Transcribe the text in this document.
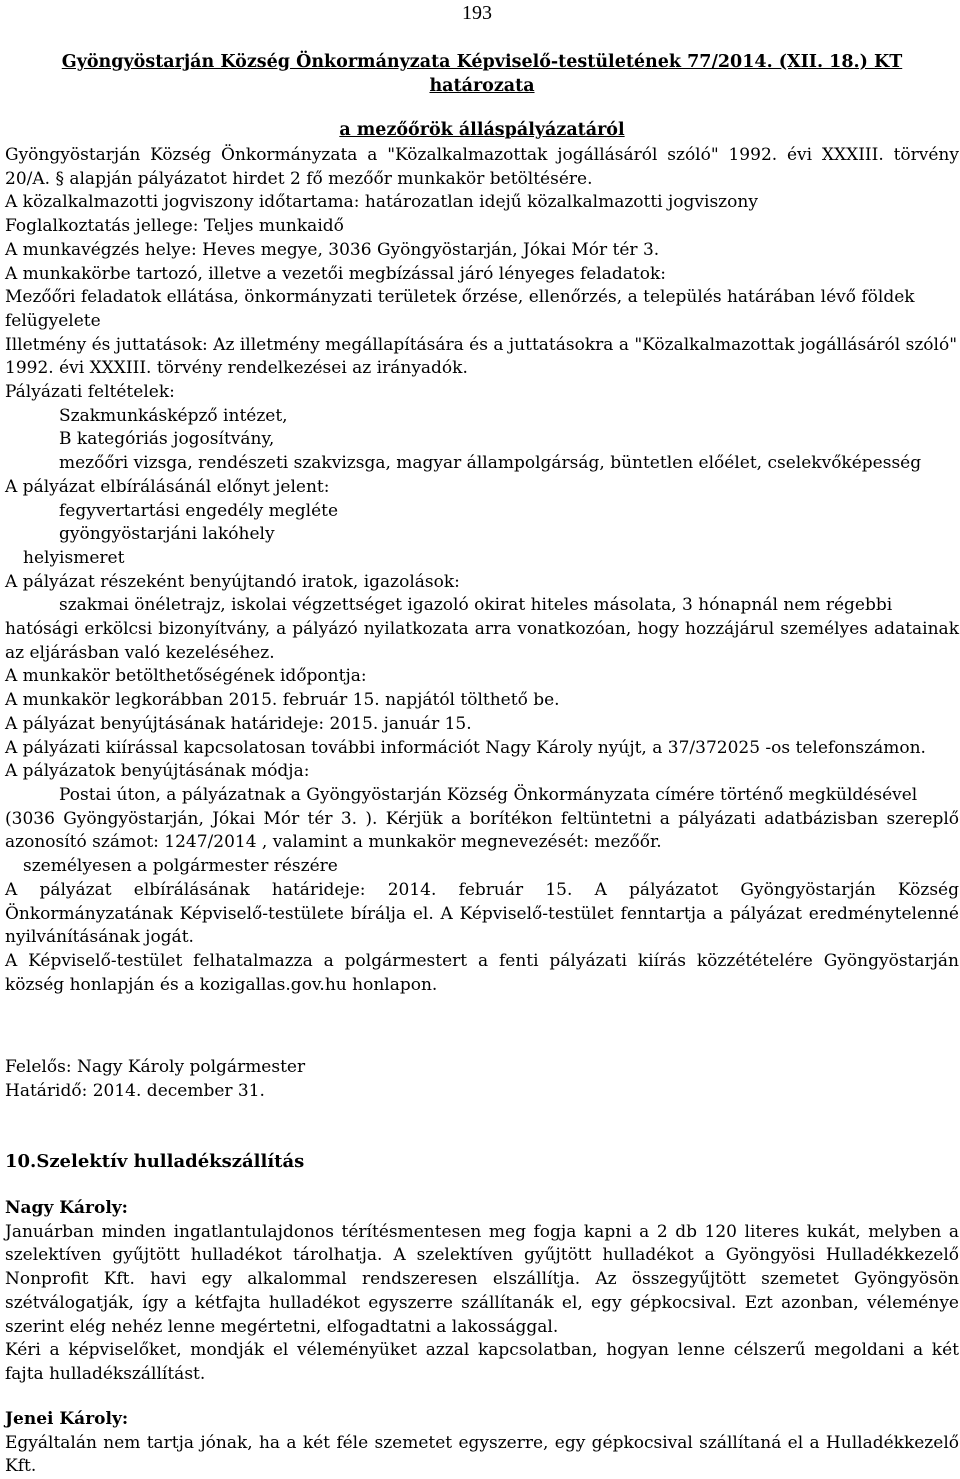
193
Gyöngyöstarján Község Önkormányzata Képviselő-testületének 77/2014. (XII. 18.) KT
határozata
a mezőőrök álláspályázatáról
Gyöngyöstarján Község Önkormányzata a "Közalkalmazottak jogállásáról szóló" 1992. évi XXXIII. törvény 20/A. § alapján pályázatot hirdet 2 fő mezőőr munkakör betöltésére.
A közalkalmazotti jogviszony időtartama: határozatlan idejű közalkalmazotti jogviszony
Foglalkoztatás jellege: Teljes munkaidő
A munkavégzés helye: Heves megye, 3036 Gyöngyöstarján, Jókai Mór tér 3.
A munkakörbe tartozó, illetve a vezetői megbízással járó lényeges feladatok:
Mezőőri feladatok ellátása, önkormányzati területek őrzése, ellenőrzés, a település határában lévő földek felügyelete
Illetmény és juttatások: Az illetmény megállapítására és a juttatásokra a "Közalkalmazottak jogállásáról szóló" 1992. évi XXXIII. törvény rendelkezései az irányadók.
Pályázati feltételek:
Szakmunkásképző intézet,
B kategóriás jogosítvány,
mezőőri vizsga, rendészeti szakvizsga, magyar állampolgárság, büntetlen előélet, cselekvőképesség
A pályázat elbírálásánál előnyt jelent:
fegyvertartási engedély megléte
gyöngyöstarjáni lakóhely
helyismeret
A pályázat részeként benyújtandó iratok, igazolások:
szakmai önéletrajz, iskolai végzettséget igazoló okirat hiteles másolata, 3 hónapnál nem régebbi
hatósági erkölcsi bizonyítvány, a pályázó nyilatkozata arra vonatkozóan, hogy hozzájárul személyes adatainak az eljárásban való kezeléséhez.
A munkakör betölthetőségének időpontja:
A munkakör legkorábban 2015. február 15. napjától tölthető be.
A pályázat benyújtásának határideje: 2015. január 15.
A pályázati kiírással kapcsolatosan további információt Nagy Károly nyújt, a 37/372025 -os telefonszámon.
A pályázatok benyújtásának módja:
Postai úton, a pályázatnak a Gyöngyöstarján Község Önkormányzata címére történő megküldésével
(3036 Gyöngyöstarján, Jókai Mór tér 3. ). Kérjük a borítékon feltüntetni a pályázati adatbázisban szereplő azonosító számot: 1247/2014 , valamint a munkakör megnevezését: mezőőr.
személyesen a polgármester részére
A pályázat elbírálásának határideje: 2014. február 15. A pályázatot Gyöngyöstarján Község Önkormányzatának Képviselő-testülete bírálja el. A Képviselő-testület fenntartja a pályázat eredménytelenné nyilvánításának jogát.
A Képviselő-testület felhatalmazza a polgármestert a fenti pályázati kiírás közzétételére Gyöngyöstarján község honlapján és a kozigallas.gov.hu honlapon.
Felelős: Nagy Károly polgármester
Határidő: 2014. december 31.
10.Szelektív hulladékszállítás
Nagy Károly:
Januárban minden ingatlantulajdonos térítésmentesen meg fogja kapni a 2 db 120 literes kukát, melyben a szelektíven gyűjtött hulladékot tárolhatja. A szelektíven gyűjtött hulladékot a Gyöngyösi Hulladékkezelő Nonprofit Kft. havi egy alkalommal rendszeresen elszállítja. Az összegyűjtött szemetet Gyöngyösön szétválogatják, így a kétfajta hulladékot egyszerre szállítanák el, egy gépkocsival. Ezt azonban, véleménye szerint elég nehéz lenne megértetni, elfogadtatni a lakossággal.
Kéri a képviselőket, mondják el véleményüket azzal kapcsolatban, hogyan lenne célszerű megoldani a két fajta hulladékszállítást.
Jenei Károly:
Egyáltalán nem tartja jónak, ha a két féle szemetet egyszerre, egy gépkocsival szállítaná el a Hulladékkezelő Kft.
